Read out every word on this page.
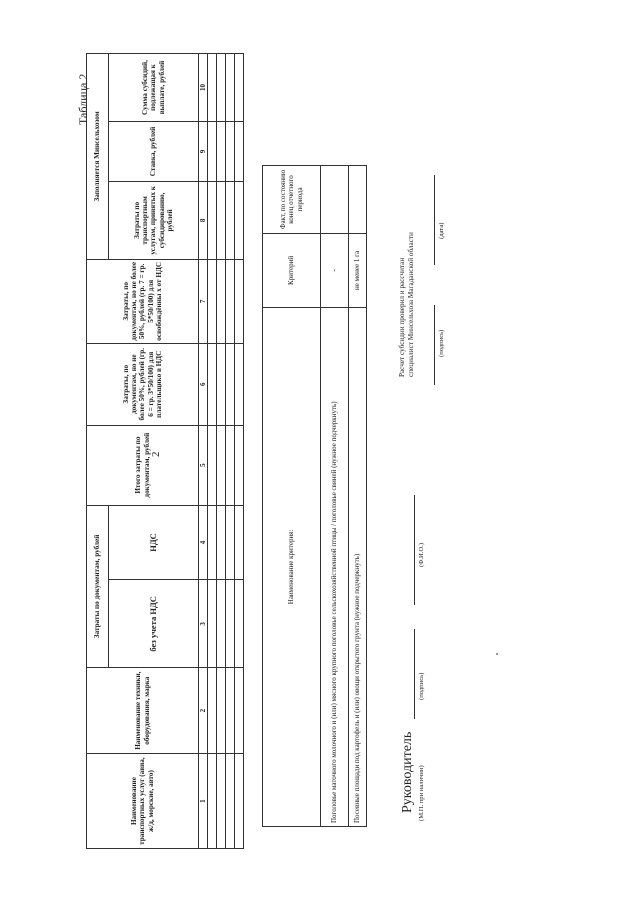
2
Таблица 2
Наименование транспортных услуг (авиа, ж/д, морские, авто)	Наименование техники, оборудования, марка	Затраты по документам, рублей		Итого затраты по документам, рублей	Затраты, по документам, но не более 50%, рублей (гр. 6 = гр. 3*50/100) для плательщико в НДС	Затраты, по документам, но не более 50%, рублей (гр. 7 = гр. 5*50/100) для освобождённы х от НДС	Заполняется Минсельхозом		
		без учета НДС	НДС				Затраты по транспортным услугам, принятых к субсидированию, рублей	Ставка, рублей	Сумма субсидий, подлежащая к выплате, рублей
1	2	3	4	5	6	7	8	9	10

Наименование критерия:	Критерий	Факт, по состоянию конец отчетного периода
Поголовье маточного молочного и (или) мясного крупного поголовье сельскохозяйственной птицы / поголовье свиней (нужное подчеркнуть)	-	
Посевные площади под картофель и (или) овощи открытого грунта (нужное подчеркнуть)	не менее 1 га	
Руководитель (М.П. при наличии)
(подпись)
(Ф.И.О.)
Расчет субсидии проверил и рассчитан специалист Минсельхоза Магаданской области	(подпись)
(дата)
